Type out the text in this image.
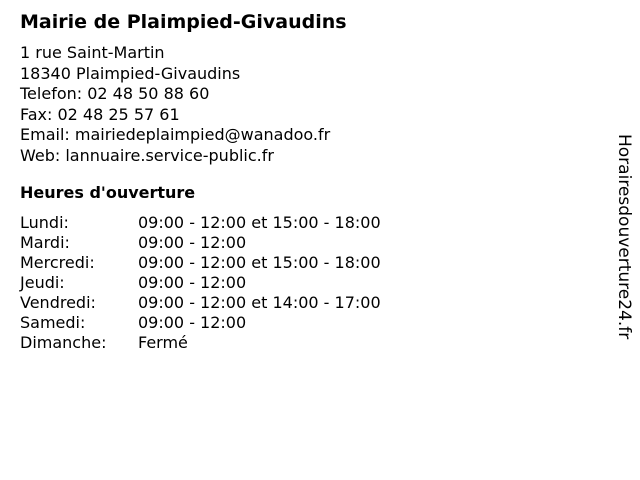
Mairie de Plaimpied-Givaudins
1 rue Saint-Martin
18340 Plaimpied-Givaudins
Telefon: 02 48 50 88 60
Fax: 02 48 25 57 61
Email: mairiedeplaimpied@wanadoo.fr
Web: lannuaire.service-public.fr
Heures d'ouverture
Lundi:	09:00 - 12:00 et 15:00 - 18:00
Mardi:	09:00 - 12:00
Mercredi:	09:00 - 12:00 et 15:00 - 18:00
Jeudi:	09:00 - 12:00
Vendredi:	09:00 - 12:00 et 14:00 - 17:00
Samedi:	09:00 - 12:00
Dimanche: Fermé
Horairesdouverture24.fr
